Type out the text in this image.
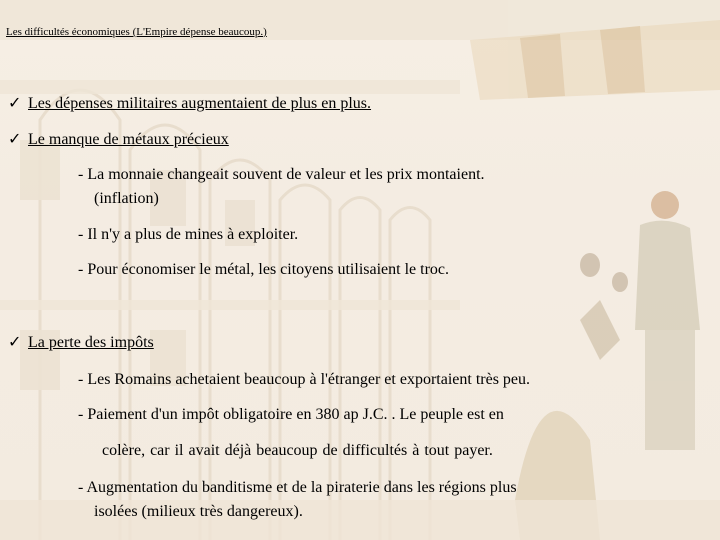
Les difficultés économiques (L'Empire dépense beaucoup.)
✓ Les dépenses militaires augmentaient de plus en plus.
✓ Le manque de métaux précieux
- La monnaie changeait souvent de valeur et les prix montaient.
(inflation)
- Il n'y a plus de mines à exploiter.
- Pour économiser le métal, les citoyens utilisaient le troc.
✓ La perte des impôts
- Les Romains achetaient beaucoup à l'étranger et exportaient très peu.
- Paiement d'un impôt obligatoire en 380 ap J.C. . Le peuple est en
colère, car il avait déjà beaucoup de difficultés à tout payer.
- Augmentation du banditisme et de la piraterie dans les régions plus
isolées (milieux très dangereux).
